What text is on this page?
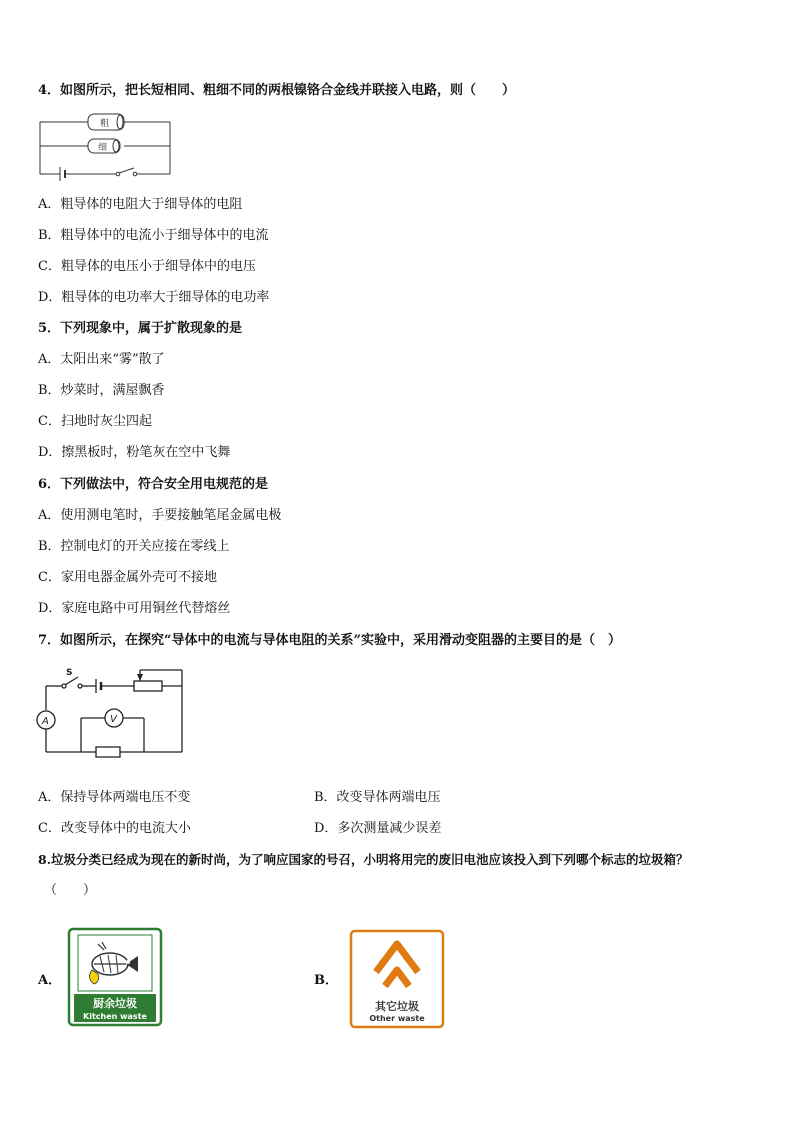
4．如图所示，把长短相同、粗细不同的两根镍铬合金线并联接入电路，则（　　）
粗
细
A．粗导体的电阻大于细导体的电阻
B．粗导体中的电流小于细导体中的电流
C．粗导体的电压小于细导体中的电压
D．粗导体的电功率大于细导体的电功率
5．下列现象中，属于扩散现象的是
A．太阳出来“雾”散了
B．炒菜时，满屋飘香
C．扫地时灰尘四起
D．擦黑板时，粉笔灰在空中飞舞
6．下列做法中，符合安全用电规范的是
A．使用测电笔时，手要接触笔尾金属电极
B．控制电灯的开关应接在零线上
C．家用电器金属外壳可不接地
D．家庭电路中可用铜丝代替熔丝
7．如图所示，在探究“导体中的电流与导体电阻的关系”实验中，采用滑动变阻器的主要目的是（　）
S
A	V
A．保持导体两端电压不变	B．改变导体两端电压
C．改变导体中的电流大小	D．多次测量减少误差
8.垃圾分类已经成为现在的新时尚，为了响应国家的号召，小明将用完的废旧电池应该投入到下列哪个标志的垃圾箱？
（　　）
A．
厨余垃圾
Kitchen waste
B．
其它垃圾
Other waste
